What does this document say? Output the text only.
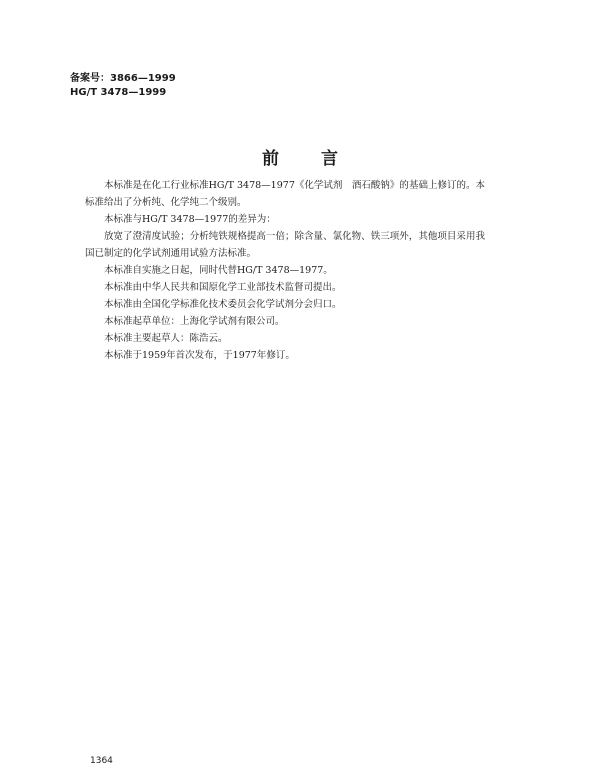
备案号：3866—1999
HG/T 3478—1999
前言

本标准是在化工行业标准HG/T 3478—1977《化学试剂　酒石酸钠》的基础上修订的。本标准给出了分析纯、化学纯二个级别。

本标准与HG/T 3478—1977的差异为：

放宽了澄清度试验；分析纯铁规格提高一倍；除含量、氯化物、铁三项外，其他项目采用我国已制定的化学试剂通用试验方法标准。

本标准自实施之日起，同时代替HG/T 3478—1977。

本标准由中华人民共和国原化学工业部技术监督司提出。

本标准由全国化学标准化技术委员会化学试剂分会归口。

本标准起草单位：上海化学试剂有限公司。

本标准主要起草人：陈浩云。

本标准于1959年首次发布，于1977年修订。

1364
